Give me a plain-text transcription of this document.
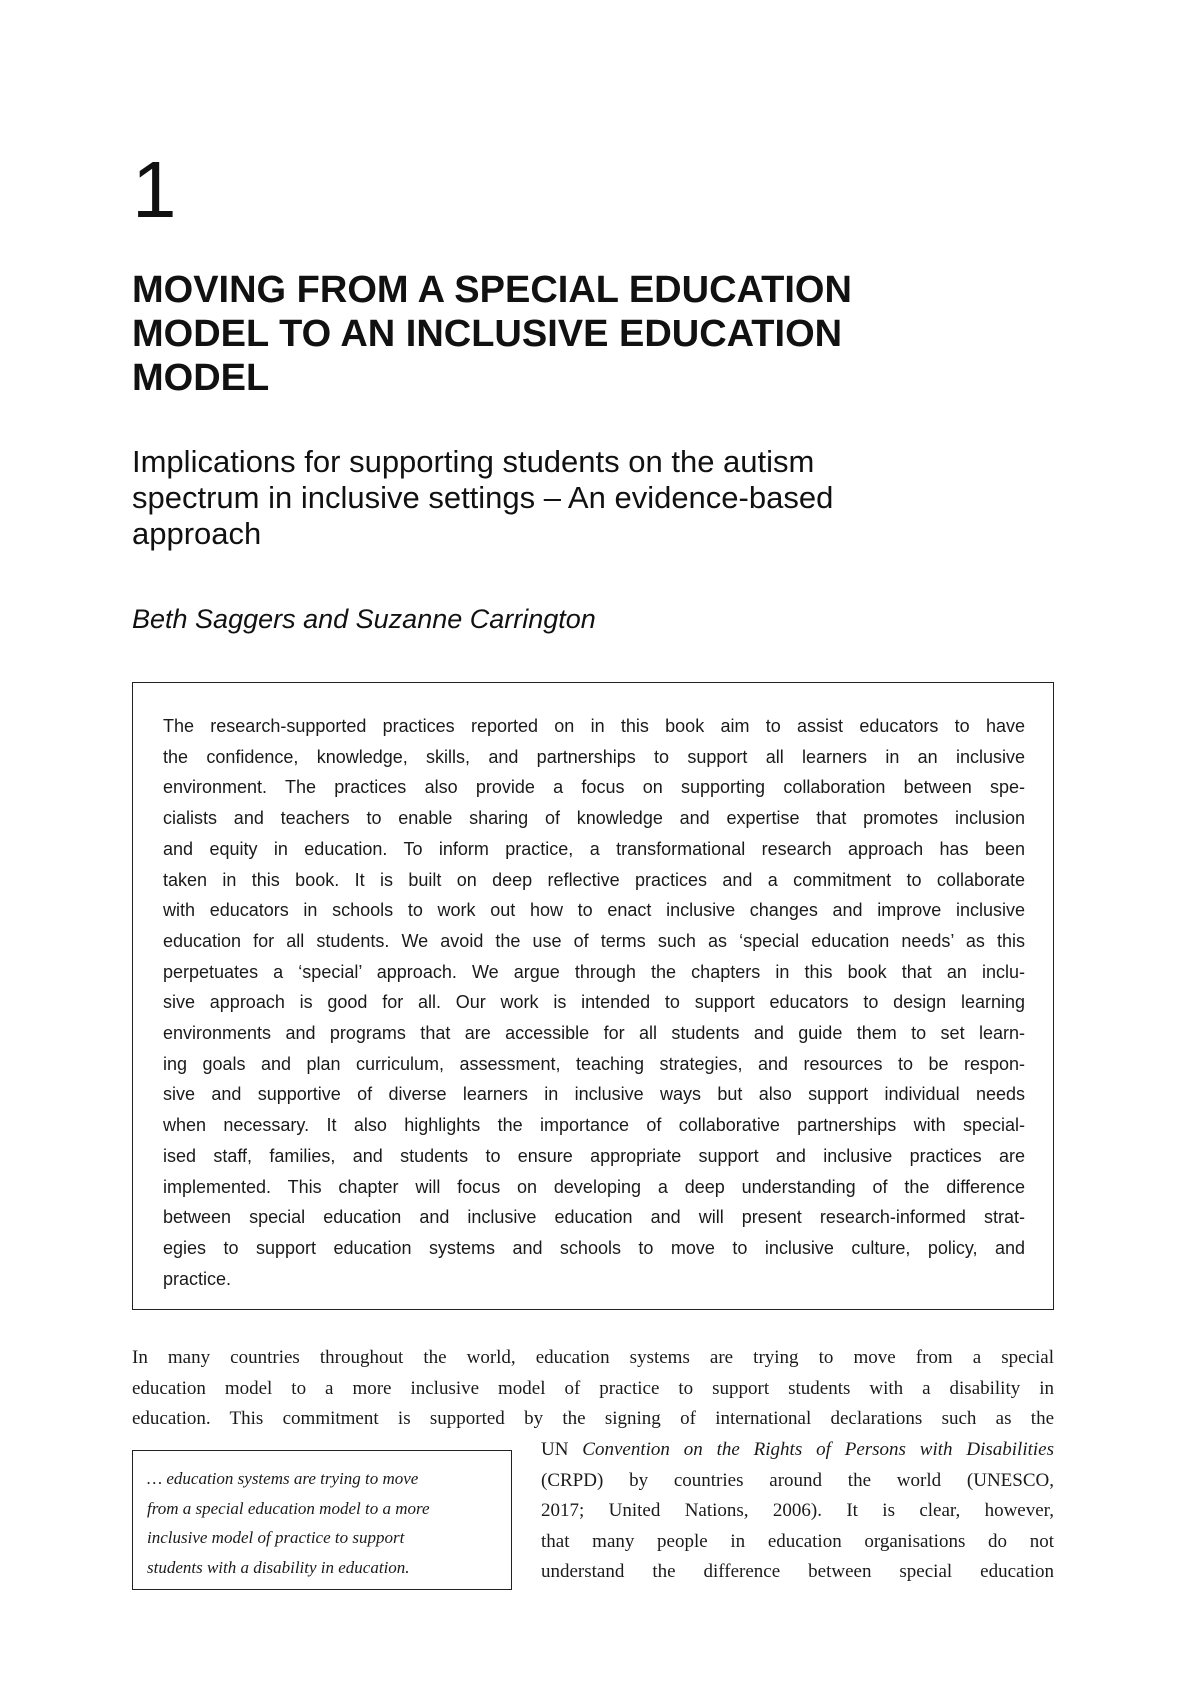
1
MOVING FROM A SPECIAL EDUCATION
MODEL TO AN INCLUSIVE EDUCATION
MODEL
Implications for supporting students on the autism
spectrum in inclusive settings – An evidence-based
approach
Beth Saggers and Suzanne Carrington
The research-supported practices reported on in this book aim to assist educators to have
the confidence, knowledge, skills, and partnerships to support all learners in an inclusive
environment. The practices also provide a focus on supporting collaboration between spe-
cialists and teachers to enable sharing of knowledge and expertise that promotes inclusion
and equity in education. To inform practice, a transformational research approach has been
taken in this book. It is built on deep reflective practices and a commitment to collaborate
with educators in schools to work out how to enact inclusive changes and improve inclusive
education for all students. We avoid the use of terms such as ‘special education needs’ as this
perpetuates a ‘special’ approach. We argue through the chapters in this book that an inclu-
sive approach is good for all. Our work is intended to support educators to design learning
environments and programs that are accessible for all students and guide them to set learn-
ing goals and plan curriculum, assessment, teaching strategies, and resources to be respon-
sive and supportive of diverse learners in inclusive ways but also support individual needs
when necessary. It also highlights the importance of collaborative partnerships with special-
ised staff, families, and students to ensure appropriate support and inclusive practices are
implemented. This chapter will focus on developing a deep understanding of the difference
between special education and inclusive education and will present research-informed strat-
egies to support education systems and schools to move to inclusive culture, policy, and
practice.
In many countries throughout the world, education systems are trying to move from a special
education model to a more inclusive model of practice to support students with a disability in
education. This commitment is supported by the signing of international declarations such as the
… education systems are trying to move
from a special education model to a more
inclusive model of practice to support
students with a disability in education.
UN Convention on the Rights of Persons with Disabilities
(CRPD) by countries around the world (UNESCO,
2017; United Nations, 2006). It is clear, however,
that many people in education organisations do not
understand the difference between special education
